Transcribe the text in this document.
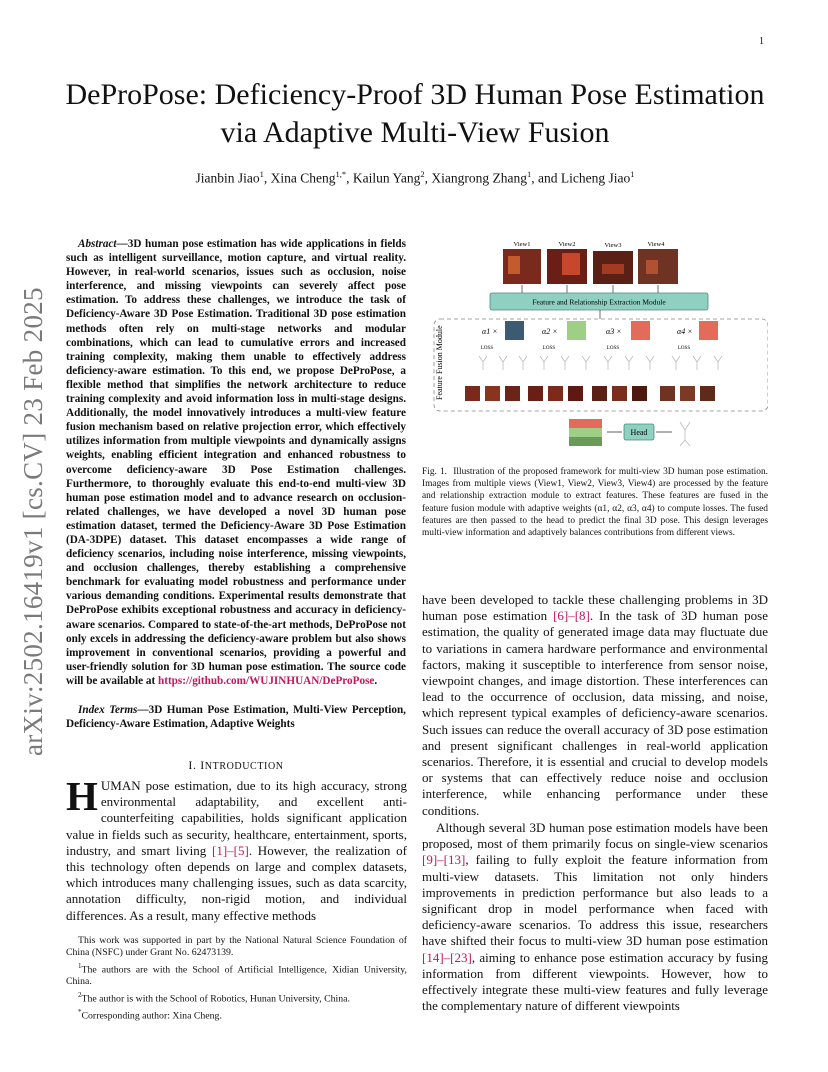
1
arXiv:2502.16419v1 [cs.CV] 23 Feb 2025
DeProPose: Deficiency-Proof 3D Human Pose Estimation via Adaptive Multi-View Fusion
Jianbin Jiao$^1$, Xina Cheng$^{1,*}$, Kailun Yang$^2$, Xiangrong Zhang$^1$, and Licheng Jiao$^1$
Abstract—3D human pose estimation has wide applications in fields such as intelligent surveillance, motion capture, and virtual reality. However, in real-world scenarios, issues such as occlusion, noise interference, and missing viewpoints can severely affect pose estimation. To address these challenges, we introduce the task of Deficiency-Aware 3D Pose Estimation. Traditional 3D pose estimation methods often rely on multi-stage networks and modular combinations, which can lead to cumulative errors and increased training complexity, making them unable to effectively address deficiency-aware estimation. To this end, we propose DeProPose, a flexible method that simplifies the network architecture to reduce training complexity and avoid information loss in multi-stage designs. Additionally, the model innovatively introduces a multi-view feature fusion mechanism based on relative projection error, which effectively utilizes information from multiple viewpoints and dynamically assigns weights, enabling efficient integration and enhanced robustness to overcome deficiency-aware 3D Pose Estimation challenges. Furthermore, to thoroughly evaluate this end-to-end multi-view 3D human pose estimation model and to advance research on occlusion-related challenges, we have developed a novel 3D human pose estimation dataset, termed the Deficiency-Aware 3D Pose Estimation (DA-3DPE) dataset. This dataset encompasses a wide range of deficiency scenarios, including noise interference, missing viewpoints, and occlusion challenges, thereby establishing a comprehensive benchmark for evaluating model robustness and performance under various demanding conditions. Experimental results demonstrate that DeProPose exhibits exceptional robustness and accuracy in deficiency-aware scenarios. Compared to state-of-the-art methods, DeProPose not only excels in addressing the deficiency-aware problem but also shows improvement in conventional scenarios, providing a powerful and user-friendly solution for 3D human pose estimation. The source code will be available at https://github.com/WUJINHUAN/DeProPose.
Index Terms—3D Human Pose Estimation, Multi-View Perception, Deficiency-Aware Estimation, Adaptive Weights
I. INTRODUCTION
HUMAN pose estimation, due to its high accuracy, strong environmental adaptability, and excellent anti-counterfeiting capabilities, holds significant application value in fields such as security, healthcare, entertainment, sports, industry, and smart living [1]–[5]. However, the realization of this technology often depends on large and complex datasets, which introduces many challenging issues, such as data scarcity, annotation difficulty, non-rigid motion, and individual differences. As a result, many effective methods

This work was supported in part by the National Natural Science Foundation of China (NSFC) under Grant No. 62473139.

$^1$The authors are with the School of Artificial Intelligence, Xidian University, China.

$^2$The author is with the School of Robotics, Hunan University, China.

*Corresponding author: Xina Cheng.

View1	View2	View3	View4
Feature and Relationship Extraction Module
Feature Fusion Module	α1 ×	α2 ×	α3 ×	α4 ×
LOSS	LOSS	LOSS	LOSS
Head
Fig. 1. Illustration of the proposed framework for multi-view 3D human pose estimation. Images from multiple views (View1, View2, View3, View4) are processed by the feature and relationship extraction module to extract features. These features are fused in the feature fusion module with adaptive weights (α1, α2, α3, α4) to compute losses. The fused features are then passed to the head to predict the final 3D pose. This design leverages multi-view information and adaptively balances contributions from different views.
have been developed to tackle these challenging problems in 3D human pose estimation [6]–[8]. In the task of 3D human pose estimation, the quality of generated image data may fluctuate due to variations in camera hardware performance and environmental factors, making it susceptible to interference from sensor noise, viewpoint changes, and image distortion. These interferences can lead to the occurrence of occlusion, data missing, and noise, which represent typical examples of deficiency-aware scenarios. Such issues can reduce the overall accuracy of 3D pose estimation and present significant challenges in real-world application scenarios. Therefore, it is essential and crucial to develop models or systems that can effectively reduce noise and occlusion interference, while enhancing performance under these conditions.
Although several 3D human pose estimation models have been proposed, most of them primarily focus on single-view scenarios [9]–[13], failing to fully exploit the feature information from multi-view datasets. This limitation not only hinders improvements in prediction performance but also leads to a significant drop in model performance when faced with deficiency-aware scenarios. To address this issue, researchers have shifted their focus to multi-view 3D human pose estimation [14]–[23], aiming to enhance pose estimation accuracy by fusing information from different viewpoints. However, how to effectively integrate these multi-view features and fully leverage the complementary nature of different viewpoints
